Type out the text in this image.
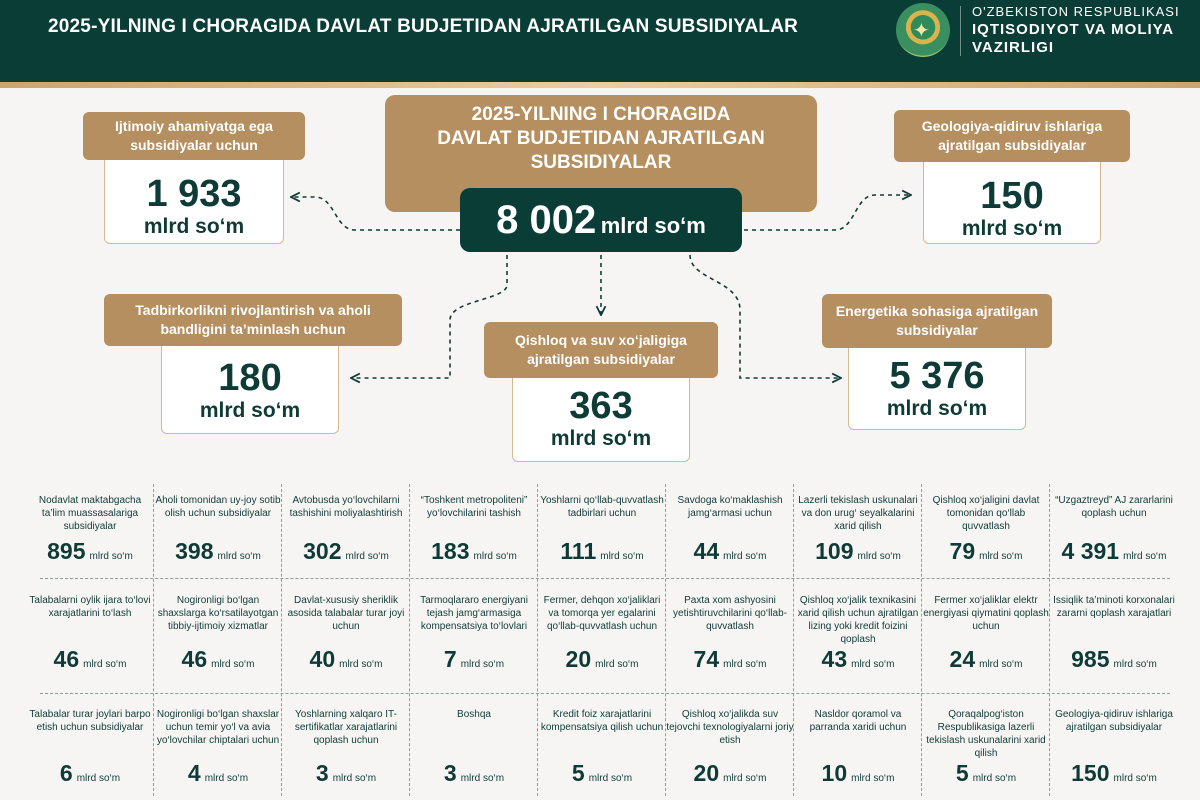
2025-YILNING I CHORAGIDA DAVLAT BUDJETIDAN AJRATILGAN SUBSIDIYALAR	✦
O'ZBEKISTON RESPUBLIKASI
IQTISODIYOT VA MOLIYA
VAZIRLIGI
2025-YILNING I CHORAGIDA
DAVLAT BUDJETIDAN AJRATILGAN
SUBSIDIYALAR
8 002 mlrd so‘m
1 933
mlrd so‘m
Ijtimoiy ahamiyatga ega subsidiyalar uchun
150
mlrd so‘m
Geologiya-qidiruv ishlariga ajratilgan subsidiyalar
180
mlrd so‘m
Tadbirkorlikni rivojlantirish va aholi bandligini ta’minlash uchun
363
mlrd so‘m
Qishloq va suv xo‘jaligiga ajratilgan subsidiyalar	5 376
mlrd so‘m
Energetika sohasiga ajratilgan subsidiyalar
Nodavlat maktabgacha ta’lim muassasalariga subsidiyalar
895 mlrd so‘m
Aholi tomonidan uy-joy sotib olish uchun subsidiyalar
398 mlrd so‘m
Avtobusda yo‘lovchilarni tashishini moliyalashtirish
302 mlrd so‘m
“Toshkent metropoliteni” yo‘lovchilarini tashish
183 mlrd so‘m
Yoshlarni qo‘llab-quvvatlash tadbirlari uchun
111 mlrd so‘m
Savdoga ko‘maklashish jamg‘armasi uchun
44 mlrd so‘m
Lazerli tekislash uskunalari va don urug‘ seyalkalarini xarid qilish
109 mlrd so‘m
Qishloq xo‘jaligini davlat tomonidan qo‘llab quvvatlash
79 mlrd so‘m
“Uzgaztreyd” AJ zararlarini qoplash uchun
4 391 mlrd so‘m
Talabalarni oylik ijara to‘lovi xarajatlarini to‘lash
46 mlrd so‘m
Nogironligi bo‘lgan shaxslarga ko‘rsatilayotgan tibbiy-ijtimoiy xizmatlar
46 mlrd so‘m
Davlat-xususiy sheriklik asosida talabalar turar joyi uchun
40 mlrd so‘m
Tarmoqlararo energiyani tejash jamg‘armasiga kompensatsiya to‘lovlari
7 mlrd so‘m
Fermer, dehqon xo‘jaliklari va tomorqa yer egalarini qo‘llab-quvvatlash uchun
20 mlrd so‘m
Paxta xom ashyosini yetishtiruvchilarini qo‘llab-quvvatlash
74 mlrd so‘m
Qishloq xo‘jalik texnikasini xarid qilish uchun ajratilgan lizing yoki kredit foizini qoplash
43 mlrd so‘m
Fermer xo‘jaliklar elektr energiyasi qiymatini qoplash uchun
24 mlrd so‘m
Issiqlik ta’minoti korxonalari zararni qoplash xarajatlari
985 mlrd so‘m
Talabalar turar joylari barpo etish uchun subsidiyalar
6 mlrd so‘m
Nogironligi bo‘lgan shaxslar uchun temir yo‘l va avia yo‘lovchilar chiptalari uchun
4 mlrd so‘m
Yoshlarning xalqaro IT-sertifikatlar xarajatlarini qoplash uchun
3 mlrd so‘m
Boshqa
3 mlrd so‘m
Kredit foiz xarajatlarini kompensatsiya qilish uchun
5 mlrd so‘m
Qishloq xo‘jalikda suv tejovchi texnologiyalarni joriy etish
20 mlrd so‘m
Nasldor qoramol va parranda xaridi uchun
10 mlrd so‘m
Qoraqalpog‘iston Respublikasiga lazerli tekislash uskunalarini xarid qilish
5 mlrd so‘m
Geologiya-qidiruv ishlariga ajratilgan subsidiyalar
150 mlrd so‘m
